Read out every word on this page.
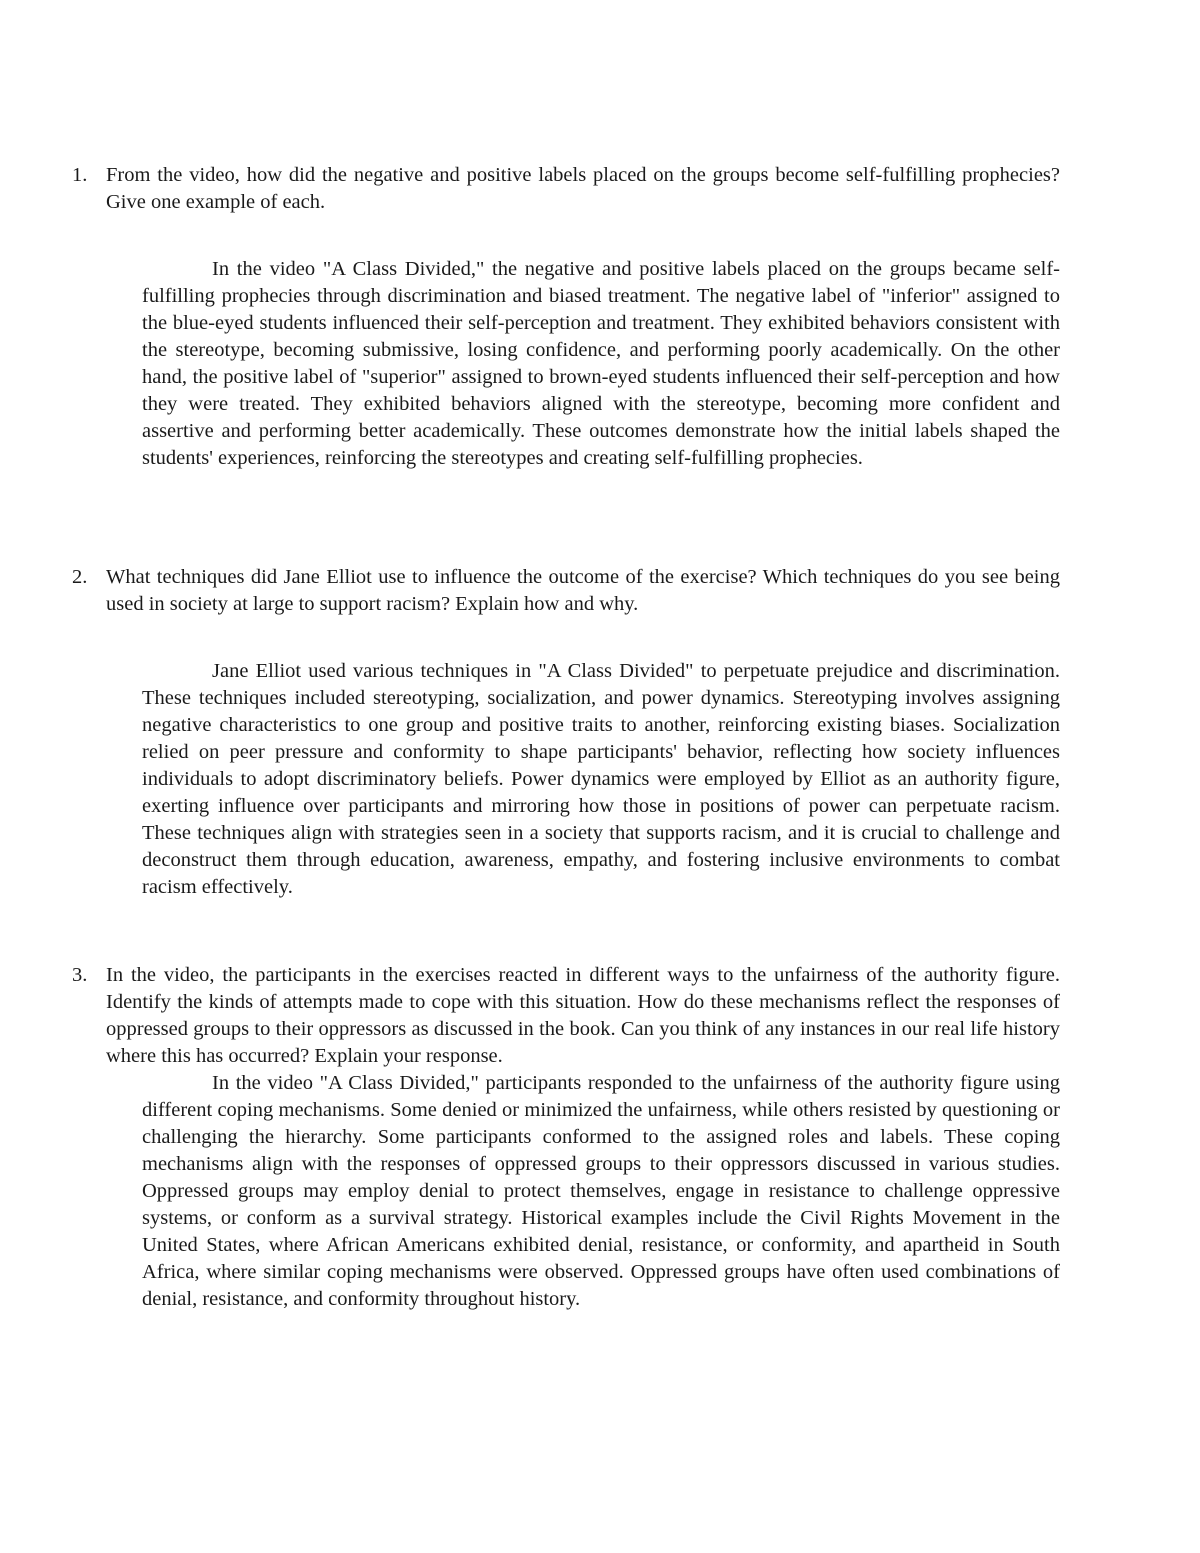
1. From the video, how did the negative and positive labels placed on the groups become self-fulfilling prophecies? Give one example of each.

In the video "A Class Divided," the negative and positive labels placed on the groups became self-fulfilling prophecies through discrimination and biased treatment. The negative label of "inferior" assigned to the blue-eyed students influenced their self-perception and treatment. They exhibited behaviors consistent with the stereotype, becoming submissive, losing confidence, and performing poorly academically. On the other hand, the positive label of "superior" assigned to brown-eyed students influenced their self-perception and how they were treated. They exhibited behaviors aligned with the stereotype, becoming more confident and assertive and performing better academically. These outcomes demonstrate how the initial labels shaped the students' experiences, reinforcing the stereotypes and creating self-fulfilling prophecies.

2. What techniques did Jane Elliot use to influence the outcome of the exercise? Which techniques do you see being used in society at large to support racism? Explain how and why.

Jane Elliot used various techniques in "A Class Divided" to perpetuate prejudice and discrimination. These techniques included stereotyping, socialization, and power dynamics. Stereotyping involves assigning negative characteristics to one group and positive traits to another, reinforcing existing biases. Socialization relied on peer pressure and conformity to shape participants' behavior, reflecting how society influences individuals to adopt discriminatory beliefs. Power dynamics were employed by Elliot as an authority figure, exerting influence over participants and mirroring how those in positions of power can perpetuate racism. These techniques align with strategies seen in a society that supports racism, and it is crucial to challenge and deconstruct them through education, awareness, empathy, and fostering inclusive environments to combat racism effectively.

3. In the video, the participants in the exercises reacted in different ways to the unfairness of the authority figure. Identify the kinds of attempts made to cope with this situation. How do these mechanisms reflect the responses of oppressed groups to their oppressors as discussed in the book. Can you think of any instances in our real life history where this has occurred? Explain your response.

In the video "A Class Divided," participants responded to the unfairness of the authority figure using different coping mechanisms. Some denied or minimized the unfairness, while others resisted by questioning or challenging the hierarchy. Some participants conformed to the assigned roles and labels. These coping mechanisms align with the responses of oppressed groups to their oppressors discussed in various studies. Oppressed groups may employ denial to protect themselves, engage in resistance to challenge oppressive systems, or conform as a survival strategy. Historical examples include the Civil Rights Movement in the United States, where African Americans exhibited denial, resistance, or conformity, and apartheid in South Africa, where similar coping mechanisms were observed. Oppressed groups have often used combinations of denial, resistance, and conformity throughout history.
